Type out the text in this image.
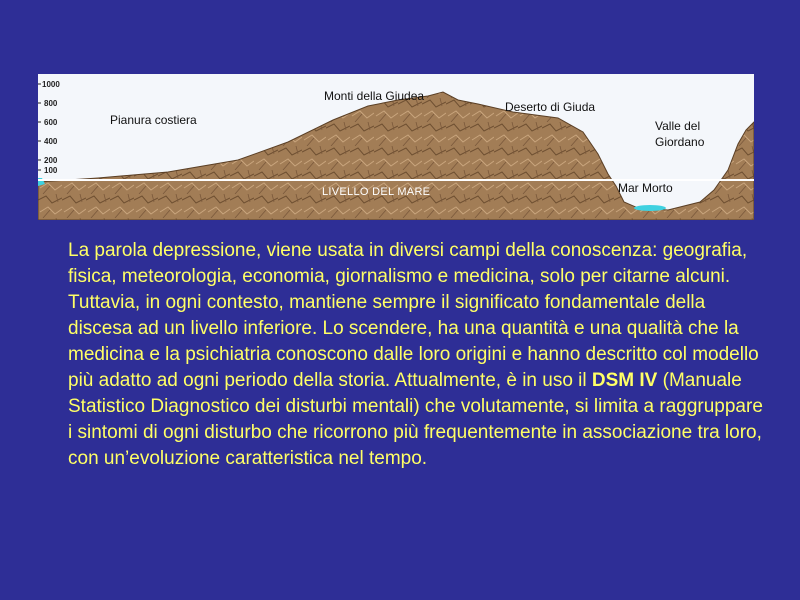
1000
800
600
400
200
100
Pianura costiera
Monti della Giudea
Deserto di Giuda
Valle del
Giordano
Mar Morto
LIVELLO DEL MARE

La parola depressione, viene usata in diversi campi della conoscenza: geografia, fisica, meteorologia, economia, giornalismo e medicina, solo per citarne alcuni. Tuttavia, in ogni contesto, mantiene sempre il significato fondamentale della discesa ad un livello inferiore. Lo scendere, ha una quantità e una qualità che la medicina e la psichiatria conoscono dalle loro origini e hanno descritto col modello più adatto ad ogni periodo della storia. Attualmente, è in uso il DSM IV (Manuale Statistico Diagnostico dei disturbi mentali) che volutamente, si limita a raggruppare i sintomi di ogni disturbo che ricorrono più frequentemente in associazione tra loro, con un’evoluzione caratteristica nel tempo.
